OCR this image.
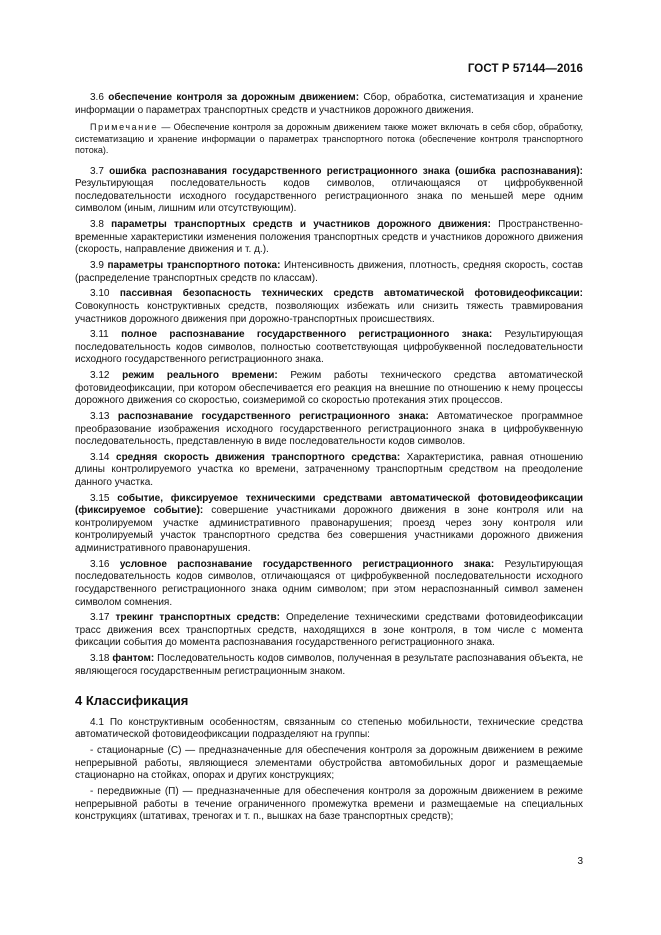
ГОСТ Р 57144—2016

3.6 обеспечение контроля за дорожным движением: Сбор, обработка, систематизация и хранение информации о параметрах транспортных средств и участников дорожного движения.

Примечание — Обеспечение контроля за дорожным движением также может включать в себя сбор, обработку, систематизацию и хранение информации о параметрах транспортного потока (обеспечение контроля транспортного потока).

3.7 ошибка распознавания государственного регистрационного знака (ошибка распознавания): Результирующая последовательность кодов символов, отличающаяся от цифробуквенной последовательности исходного государственного регистрационного знака по меньшей мере одним символом (иным, лишним или отсутствующим).

3.8 параметры транспортных средств и участников дорожного движения: Пространственно-временные характеристики изменения положения транспортных средств и участников дорожного движения (скорость, направление движения и т. д.).

3.9 параметры транспортного потока: Интенсивность движения, плотность, средняя скорость, состав (распределение транспортных средств по классам).

3.10 пассивная безопасность технических средств автоматической фотовидеофиксации: Совокупность конструктивных средств, позволяющих избежать или снизить тяжесть травмирования участников дорожного движения при дорожно-транспортных происшествиях.

3.11 полное распознавание государственного регистрационного знака: Результирующая последовательность кодов символов, полностью соответствующая цифробуквенной последовательности исходного государственного регистрационного знака.

3.12 режим реального времени: Режим работы технического средства автоматической фотовидеофиксации, при котором обеспечивается его реакция на внешние по отношению к нему процессы дорожного движения со скоростью, соизмеримой со скоростью протекания этих процессов.

3.13 распознавание государственного регистрационного знака: Автоматическое программное преобразование изображения исходного государственного регистрационного знака в цифробуквенную последовательность, представленную в виде последовательности кодов символов.

3.14 средняя скорость движения транспортного средства: Характеристика, равная отношению длины контролируемого участка ко времени, затраченному транспортным средством на преодоление данного участка.

3.15 событие, фиксируемое техническими средствами автоматической фотовидеофиксации (фиксируемое событие): совершение участниками дорожного движения в зоне контроля или на контролируемом участке административного правонарушения; проезд через зону контроля или контролируемый участок транспортного средства без совершения участниками дорожного движения административного правонарушения.

3.16 условное распознавание государственного регистрационного знака: Результирующая последовательность кодов символов, отличающаяся от цифробуквенной последовательности исходного государственного регистрационного знака одним символом; при этом нераспознанный символ заменен символом сомнения.

3.17 трекинг транспортных средств: Определение техническими средствами фотовидеофиксации трасс движения всех транспортных средств, находящихся в зоне контроля, в том числе с момента фиксации события до момента распознавания государственного регистрационного знака.

3.18 фантом: Последовательность кодов символов, полученная в результате распознавания объекта, не являющегося государственным регистрационным знаком.

4 Классификация

4.1 По конструктивным особенностям, связанным со степенью мобильности, технические средства автоматической фотовидеофиксации подразделяют на группы:

- стационарные (С) — предназначенные для обеспечения контроля за дорожным движением в режиме непрерывной работы, являющиеся элементами обустройства автомобильных дорог и размещаемые стационарно на стойках, опорах и других конструкциях;

- передвижные (П) — предназначенные для обеспечения контроля за дорожным движением в режиме непрерывной работы в течение ограниченного промежутка времени и размещаемые на специальных конструкциях (штативах, треногах и т. п., вышках на базе транспортных средств);

3
